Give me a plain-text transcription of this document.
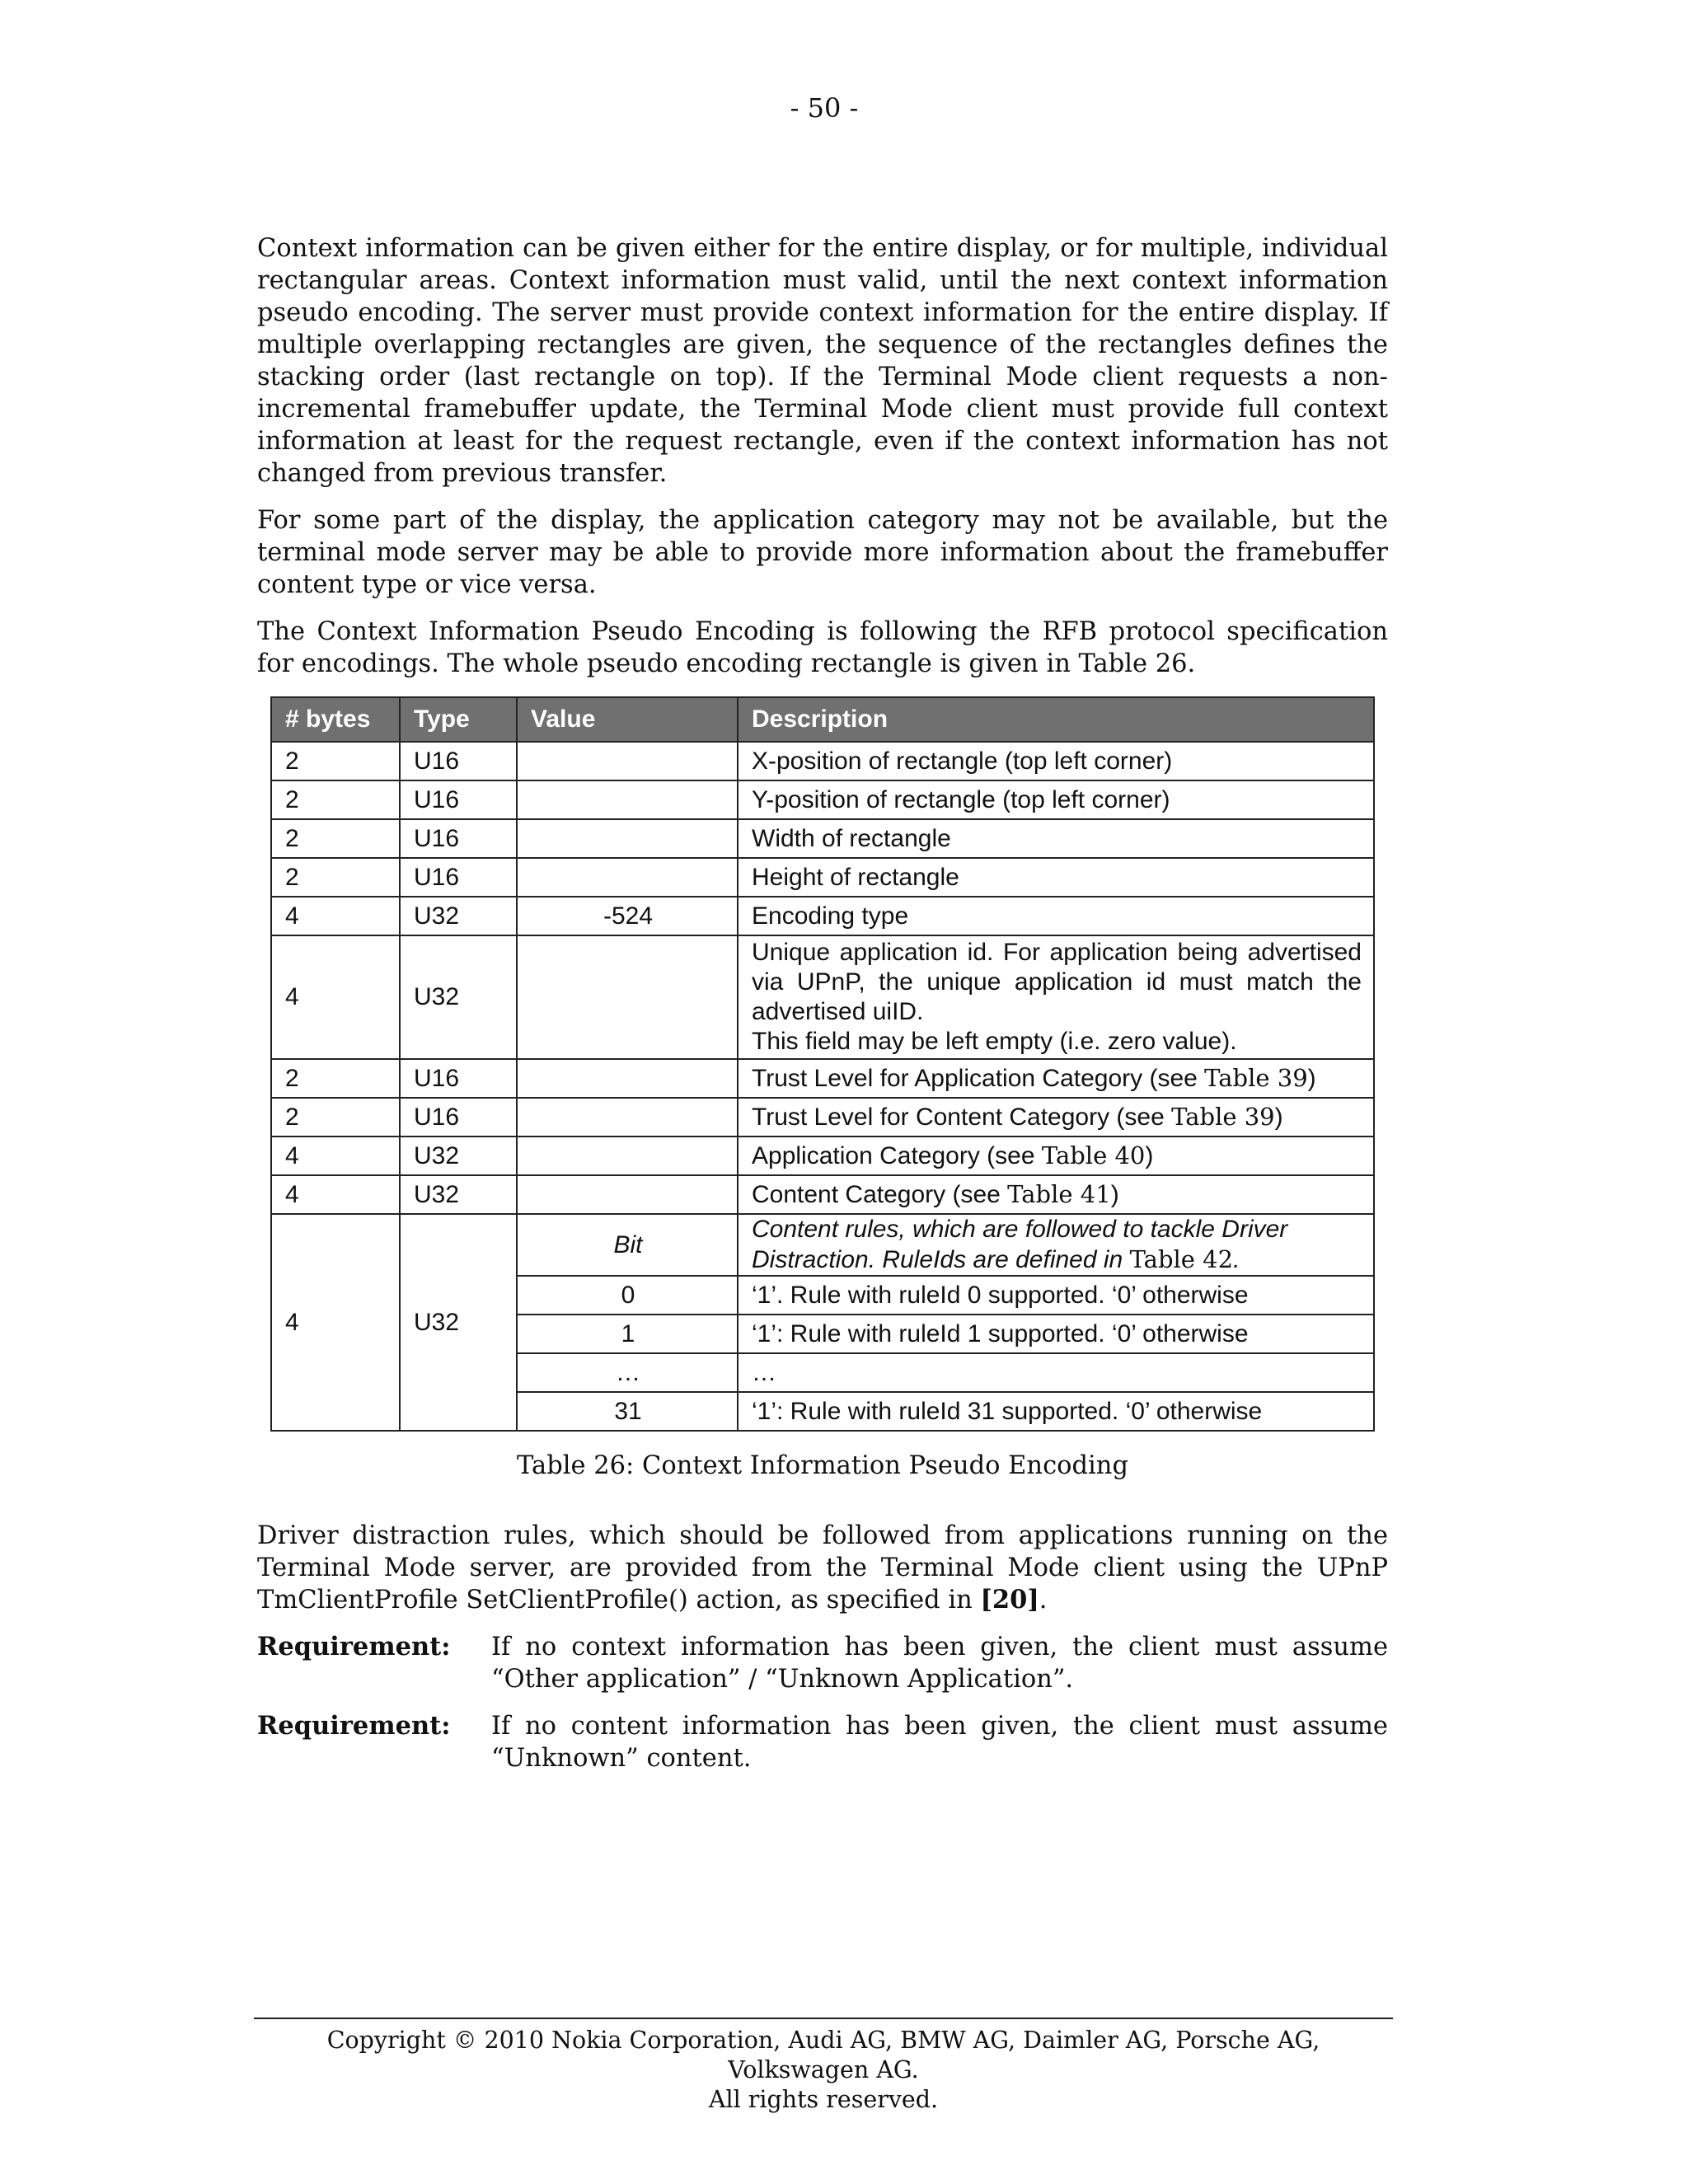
- 50 -

Context information can be given either for the entire display, or for multiple, individual rectangular areas. Context information must valid, until the next context information pseudo encoding. The server must provide context information for the entire display. If multiple overlapping rectangles are given, the sequence of the rectangles defines the stacking order (last rectangle on top). If the Terminal Mode client requests a non-incremental framebuffer update, the Terminal Mode client must provide full context information at least for the request rectangle, even if the context information has not changed from previous transfer.

For some part of the display, the application category may not be available, but the terminal mode server may be able to provide more information about the framebuffer content type or vice versa.

The Context Information Pseudo Encoding is following the RFB protocol specification for encodings. The whole pseudo encoding rectangle is given in Table 26.

# bytes	Type	Value	Description
2	U16		X-position of rectangle (top left corner)
2	U16		Y-position of rectangle (top left corner)
2	U16		Width of rectangle
2	U16		Height of rectangle
4	U32	-524	Encoding type
4	U32		Unique application id. For application being advertised via UPnP, the unique application id must match the advertised uiID.
This field may be left empty (i.e. zero value).
2	U16		Trust Level for Application Category (see Table 39)
2	U16		Trust Level for Content Category (see Table 39)
4	U32		Application Category (see Table 40)
4	U32		Content Category (see Table 41)
4	U32	Bit	Content rules, which are followed to tackle Driver Distraction. RuleIds are defined in Table 42.
		0	‘1’. Rule with ruleId 0 supported. ‘0’ otherwise
		1	‘1’: Rule with ruleId 1 supported. ‘0’ otherwise
		…	…
		31	‘1’: Rule with ruleId 31 supported. ‘0’ otherwise
Table 26: Context Information Pseudo Encoding

Driver distraction rules, which should be followed from applications running on the Terminal Mode server, are provided from the Terminal Mode client using the UPnP TmClientProfile SetClientProfile() action, as specified in [20].

Requirement:	If no context information has been given, the client must assume “Other application” / “Unknown Application”.
Requirement:	If no content information has been given, the client must assume “Unknown” content.
Copyright © 2010 Nokia Corporation, Audi AG, BMW AG, Daimler AG, Porsche AG, Volkswagen AG.
All rights reserved.
